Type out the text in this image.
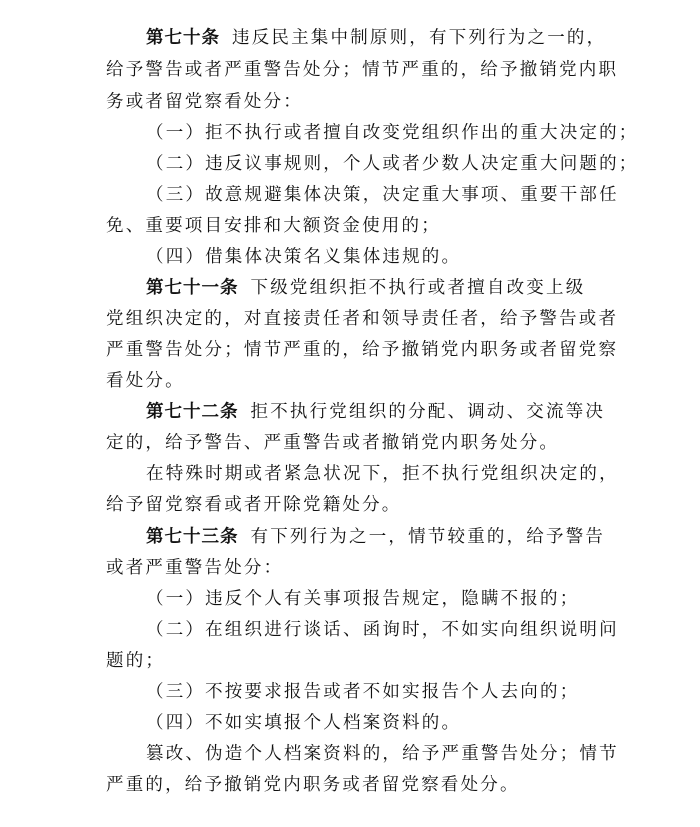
第七十条 违反民主集中制原则，有下列行为之一的，
给予警告或者严重警告处分；情节严重的，给予撤销党内职
务或者留党察看处分：
（一）拒不执行或者擅自改变党组织作出的重大决定的；
（二）违反议事规则，个人或者少数人决定重大问题的；
（三）故意规避集体决策，决定重大事项、重要干部任
免、重要项目安排和大额资金使用的；
（四）借集体决策名义集体违规的。
第七十一条 下级党组织拒不执行或者擅自改变上级
党组织决定的，对直接责任者和领导责任者，给予警告或者
严重警告处分；情节严重的，给予撤销党内职务或者留党察
看处分。
第七十二条 拒不执行党组织的分配、调动、交流等决
定的，给予警告、严重警告或者撤销党内职务处分。
在特殊时期或者紧急状况下，拒不执行党组织决定的，
给予留党察看或者开除党籍处分。
第七十三条 有下列行为之一，情节较重的，给予警告
或者严重警告处分：
（一）违反个人有关事项报告规定，隐瞒不报的；
（二）在组织进行谈话、函询时，不如实向组织说明问
题的；
（三）不按要求报告或者不如实报告个人去向的；
（四）不如实填报个人档案资料的。
篡改、伪造个人档案资料的，给予严重警告处分；情节
严重的，给予撤销党内职务或者留党察看处分。
